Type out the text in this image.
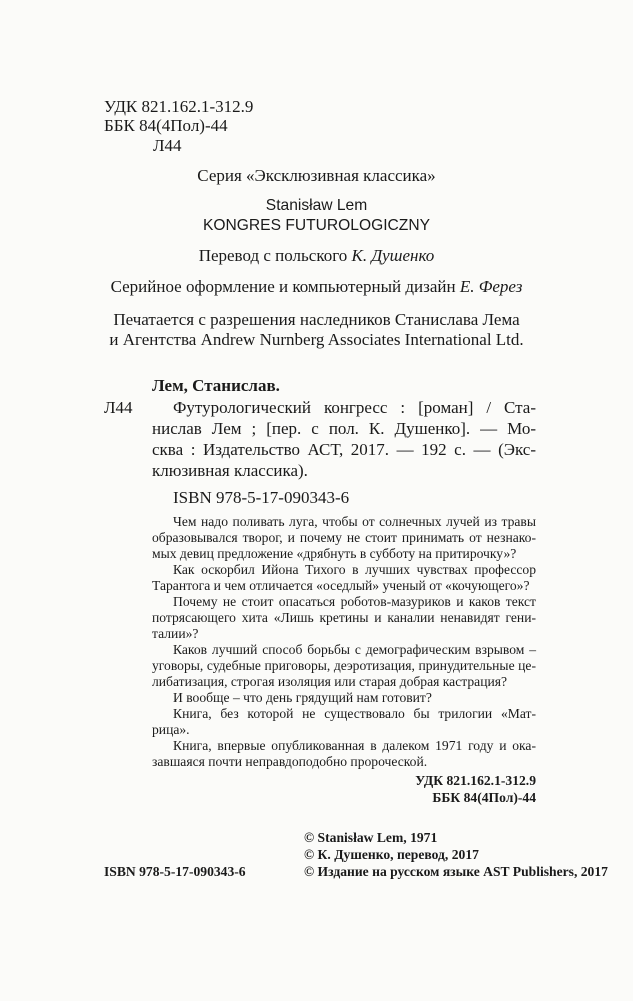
УДК 821.162.1-312.9
ББК 84(4Пол)-44
Л44
Серия «Эксклюзивная классика»
Stanisław Lem
KONGRES FUTUROLOGICZNY
Перевод с польского К. Душенко
Серийное оформление и компьютерный дизайн Е. Ферез
Печатается с разрешения наследников Станислава Лема
и Агентства Andrew Nurnberg Associates International Ltd.
Лем, Станислав.
Л44 Футурологический конгресс : [роман] / Ста-
нислав Лем ; [пер. с пол. К. Душенко]. — Мо-
сква : Издательство АСТ, 2017. — 192 с. — (Экс-
клюзивная классика).
ISBN 978-5-17-090343-6
Чем надо поливать луга, чтобы от солнечных лучей из травы
образовывался творог, и почему не стоит принимать от незнако-
мых девиц предложение «дрябнуть в субботу на притирочку»?
Как оскорбил Ийона Тихого в лучших чувствах профессор
Тарантога и чем отличается «оседлый» ученый от «кочующего»?
Почему не стоит опасаться роботов-мазуриков и каков текст
потрясающего хита «Лишь кретины и каналии ненавидят гени-
талии»?
Каков лучший способ борьбы с демографическим взрывом –
уговоры, судебные приговоры, деэротизация, принудительные це-
либатизация, строгая изоляция или старая добрая кастрация?
И вообще – что день грядущий нам готовит?
Книга, без которой не существовало бы трилогии «Мат-
рица».
Книга, впервые опубликованная в далеком 1971 году и ока-
завшаяся почти неправдоподобно пророческой.
УДК 821.162.1-312.9
ББК 84(4Пол)-44
© Stanisław Lem, 1971
© К. Душенко, перевод, 2017
ISBN 978-5-17-090343-6	© Издание на русском языке AST Publishers, 2017
